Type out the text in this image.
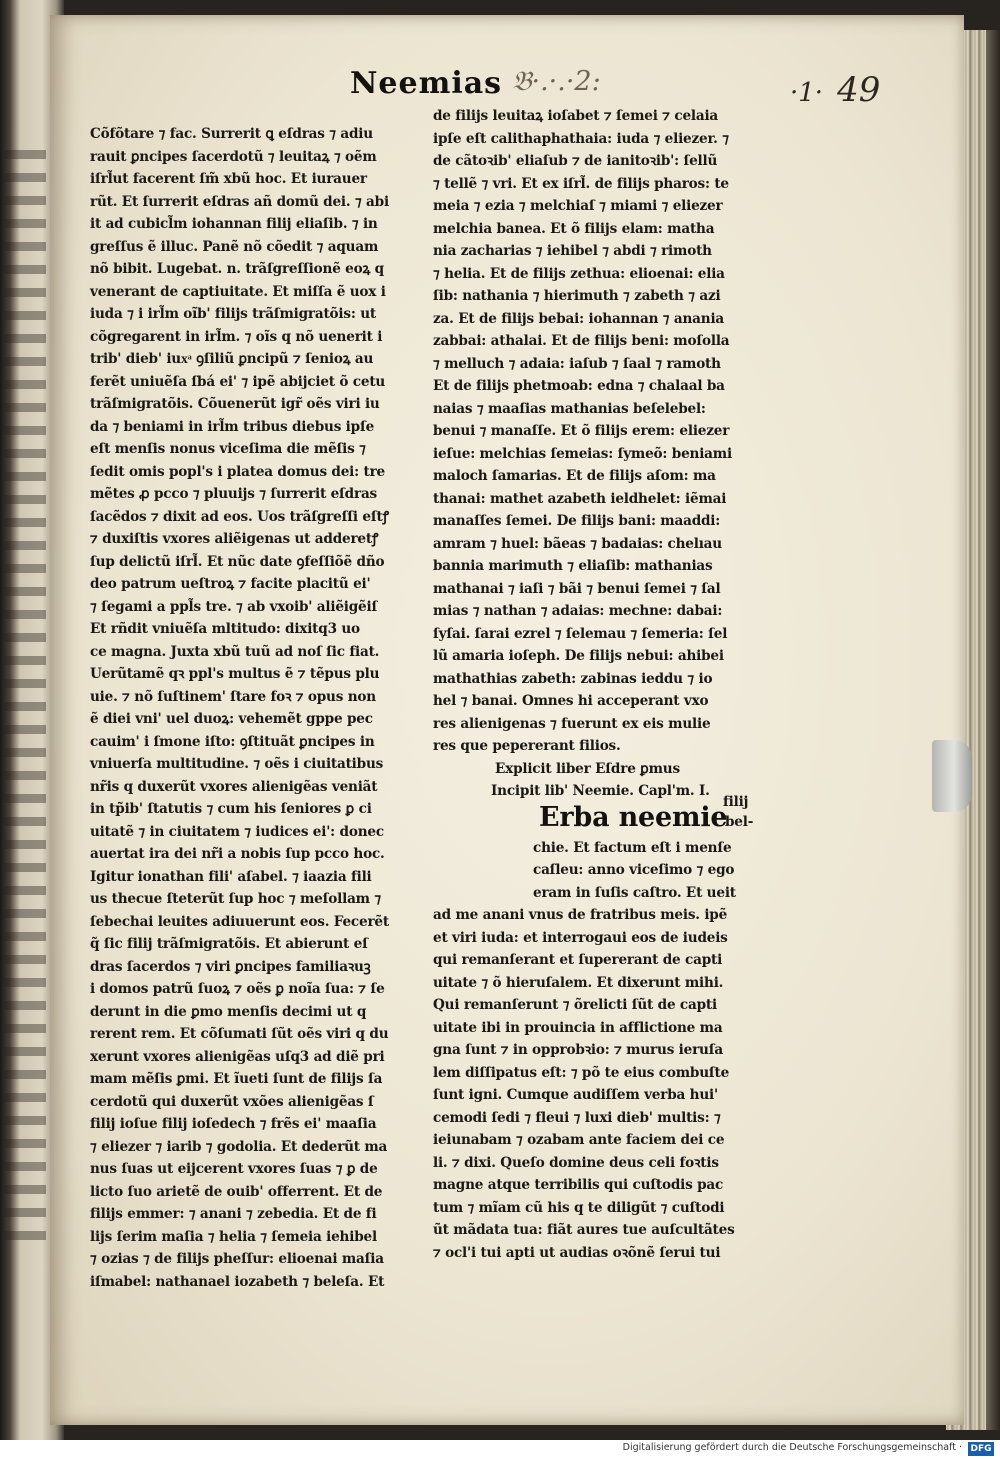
Neemias 𝔅·.·.·2:	·1· 49
Cõfõtare ⁊ fac. Surrerit ꝗ eſdras ⁊ adiu
rauit ꝑncipes ſacerdotũ ⁊ leuitaꝝ ⁊ oẽm
iſrl̃ut facerent ſm̃ xbũ hoc. Et iurauer
rũt. Et ſurrerit eſdras añ domũ dei. ⁊ abi
it ad cubicl̃m iohannan filij eliaſib. ⁊ in
greſſus ẽ illuc. Panẽ nõ cõedit ⁊ aquam
nõ bibit. Lugebat. n. trãſgreſſionẽ eoꝝ q
venerant de captiuitate. Et miſſa ẽ uox i
iuda ⁊ i irl̃m oĩb' filijs trãſmigratõis: ut
cõgregarent in irl̃m. ⁊ oĩs q nõ uenerit i
trib' dieb' iuxͣ ꝯſiliũ ꝑncipũ ⁊ ſenioꝝ au
ferẽt uniuẽſa ſbá ei' ⁊ ipẽ abijciet õ cetu
trãſmigratõis. Cõuenerũt igr̃ oẽs viri iu
da ⁊ beniami in irl̃m tribus diebus ipſe
eſt menſis nonus viceſima die mẽſis ⁊
ſedit omis popl's i platea domus dei: tre
mẽtes ꝓ pcco ⁊ pluuijs ⁊ ſurrerit eſdras
ſacẽdos ⁊ dixit ad eos. Uos trãſgreſſi eſtꝭ
⁊ duxiſtis vxores aliẽigenas ut adderetꝭ
ſup delictũ iſrl̃. Et nũc date ꝯfeſſiõẽ dño
deo patrum ueſtroꝝ ⁊ facite placitũ ei'
⁊ ſegami a ppl̃s tre. ⁊ ab vxoib' aliẽigẽiſ
Et rñdit vniuẽſa mltitudo: dixitq3 uo
ce magna. Juxta xbũ tuũ ad noſ ſic fiat.
Uerũtamẽ qꝛ ppl's multus ẽ ⁊ tẽpus plu
uie. ⁊ nõ ſuſtinem' ſtare foꝛ ⁊ opus non
ẽ diei vni' uel duoꝝ: vehemẽt gppe pec
cauim' i ſmone iſto: ꝯſtituãt ꝑncipes in
vniuerſa multitudine. ⁊ oẽs i ciuitatibus
nr̃is q duxerũt vxores alienigẽas veniãt
in tp̃ib' ſtatutis ⁊ cum his ſeniores ꝑ ci
uitatẽ ⁊ in ciuitatem ⁊ iudices ei': donec
auertat ira dei nr̃i a nobis ſup pcco hoc.
Igitur ionathan fili' aſabel. ⁊ iaazia fili
us thecue ſteterũt ſup hoc ⁊ meſollam ⁊
ſebechai leuites adiuuerunt eos. Fecerẽt
q̃ ſic filij trãſmigratõis. Et abierunt eſ
dras ſacerdos ⁊ viri ꝑncipes familiaꝛuꝫ
i domos patrũ ſuoꝝ ⁊ oẽs ꝑ noĩa ſua: ⁊ ſe
derunt in die ꝑmo menſis decimi ut q
rerent rem. Et cõſumati ſũt oẽs viri q du
xerunt vxores alienigẽas uſq3 ad diẽ pri
mam mẽſis ꝑmi. Et ĩueti ſunt de filijs ſa
cerdotũ qui duxerũt vxões alienigẽas ſ
filij ioſue filij ioſedech ⁊ frẽs ei' maaſia
⁊ eliezer ⁊ iarib ⁊ godolia. Et dederũt ma
nus ſuas ut eijcerent vxores ſuas ⁊ ꝑ de
licto ſuo arietẽ de ouib' offerrent. Et de
filijs emmer: ⁊ anani ⁊ zebedia. Et de fi
lijs ſerim maſia ⁊ helia ⁊ ſemeia iehibel
⁊ ozias ⁊ de filijs pheſſur: elioenai maſia
iſmabel: nathanael iozabeth ⁊ beleſa. Et
de filijs leuitaꝝ ioſabet ⁊ ſemei ⁊ celaia
ipſe eſt calithaphathaia: iuda ⁊ eliezer. ⁊
de cãtoꝛib' eliaſub ⁊ de ianitoꝛib': ſellũ
⁊ tellẽ ⁊ vri. Et ex iſrl̃. de filijs pharos: te
meia ⁊ ezia ⁊ melchiaſ ⁊ miami ⁊ eliezer
melchia banea. Et õ filijs elam: matha
nia zacharias ⁊ iehibel ⁊ abdi ⁊ rimoth
⁊ helia. Et de filijs zethua: elioenai: elia
ſib: nathania ⁊ hierimuth ⁊ zabeth ⁊ azi
za. Et de filijs bebai: iohannan ⁊ anania
zabbai: athalai. Et de filijs beni: moſolla
⁊ melluch ⁊ adaia: iaſub ⁊ ſaal ⁊ ramoth
Et de filijs phetmoab: edna ⁊ chalaal ba
naias ⁊ maaſias mathanias beſelebel:
benui ⁊ manaſſe. Et õ filijs erem: eliezer
ieſue: melchias ſemeias: ſymeõ: beniami
maloch ſamarias. Et de filijs aſom: ma
thanai: mathet azabeth ieldhelet: iẽmai
manaſſes ſemei. De filijs bani: maaddi:
amram ⁊ huel: bãeas ⁊ badaias: chelıau
bannia marimuth ⁊ eliaſib: mathanias
mathanai ⁊ iaſi ⁊ bãi ⁊ benui ſemei ⁊ ſal
mias ⁊ nathan ⁊ adaias: mechne: dabai:
ſyſai. ſarai ezrel ⁊ ſelemau ⁊ ſemeria: ſel
lũ amaria ioſeph. De filijs nebui: ahibei
mathathias zabeth: zabinas ieddu ⁊ io
hel ⁊ banai. Omnes hi acceperant vxo
res alienigenas ⁊ fuerunt ex eis mulie
res que pepererant filios.
Explicit liber Eſdre ꝑmus
Incipit lib' Neemie. Capl'm. I.
Erba neemie
filij
bel-
chie. Et factum eſt i menſe
caſleu: anno viceſimo ⁊ ego
eram in ſuſis caſtro. Et ueit
ad me anani vnus de fratribus meis. ipẽ
et viri iuda: et interrogaui eos de iudeis
qui remanſerant et ſupererant de capti
uitate ⁊ õ hieruſalem. Et dixerunt mihi.
Qui remanſerunt ⁊ õrelicti ſũt de capti
uitate ibi in prouincia in afflictione ma
gna ſunt ⁊ in opprobꝛio: ⁊ murus ieruſa
lem diſſipatus eſt: ⁊ põ te eius combuſte
ſunt igni. Cumque audiſſem verba hui'
cemodi ſedi ⁊ fleui ⁊ luxi dieb' multis: ⁊
ieiunabam ⁊ ozabam ante faciem dei ce
li. ⁊ dixi. Queſo domine deus celi foꝛtis
magne atque terribilis qui cuſtodis pac
tum ⁊ mĩam cũ his q te diligũt ⁊ cuſtodi
ũt mãdata tua: fiãt aures tue auſcultãtes
⁊ ocl'i tui apti ut audias oꝛõnẽ ſerui tui
Digitalisierung gefördert durch die Deutsche Forschungsgemeinschaft · DFG
